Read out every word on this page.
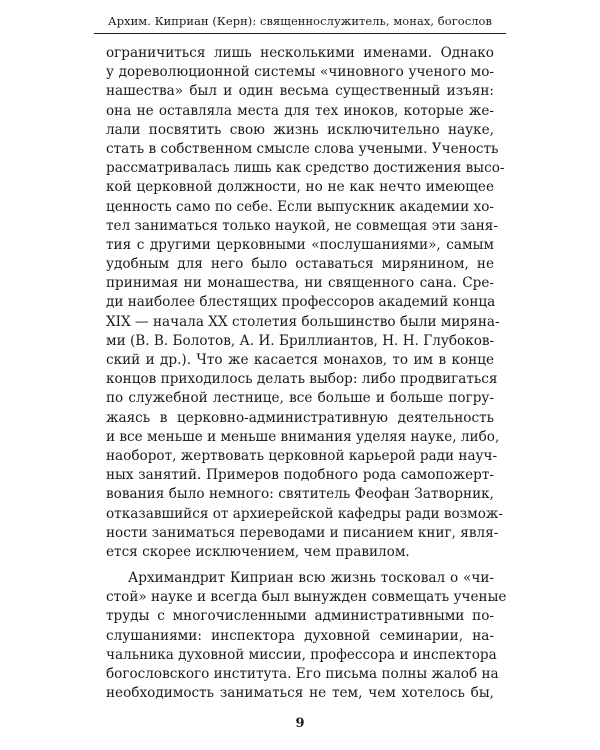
Архим. Киприан (Керн): священнослужитель, монах, богослов
ограничиться лишь несколькими именами. Однако
у дореволюционной системы «чиновного ученого мо-
нашества» был и один весьма существенный изъян:
она не оставляла места для тех иноков, которые же-
лали посвятить свою жизнь исключительно науке,
стать в собственном смысле слова учеными. Ученость
рассматривалась лишь как средство достижения высо-
кой церковной должности, но не как нечто имеющее
ценность само по себе. Если выпускник академии хо-
тел заниматься только наукой, не совмещая эти заня-
тия с другими церковными «послушаниями», самым
удобным для него было оставаться мирянином, не
принимая ни монашества, ни священного сана. Сре-
ди наиболее блестящих профессоров академий конца
XIX — начала XX столетия большинство были миряна-
ми (В. В. Болотов, А. И. Бриллиантов, Н. Н. Глубоков-
ский и др.). Что же касается монахов, то им в конце
концов приходилось делать выбор: либо продвигаться
по служебной лестнице, все больше и больше погру-
жаясь в церковно-административную деятельность
и все меньше и меньше внимания уделяя науке, либо,
наоборот, жертвовать церковной карьерой ради науч-
ных занятий. Примеров подобного рода самопожерт-
вования было немного: святитель Феофан Затворник,
отказавшийся от архиерейской кафедры ради возмож-
ности заниматься переводами и писанием книг, явля-
ется скорее исключением, чем правилом.
Архимандрит Киприан всю жизнь тосковал о «чи-
стой» науке и всегда был вынужден совмещать ученые
труды с многочисленными административными по-
слушаниями: инспектора духовной семинарии, на-
чальника духовной миссии, профессора и инспектора
богословского института. Его письма полны жалоб на
необходимость заниматься не тем, чем хотелось бы,
9
